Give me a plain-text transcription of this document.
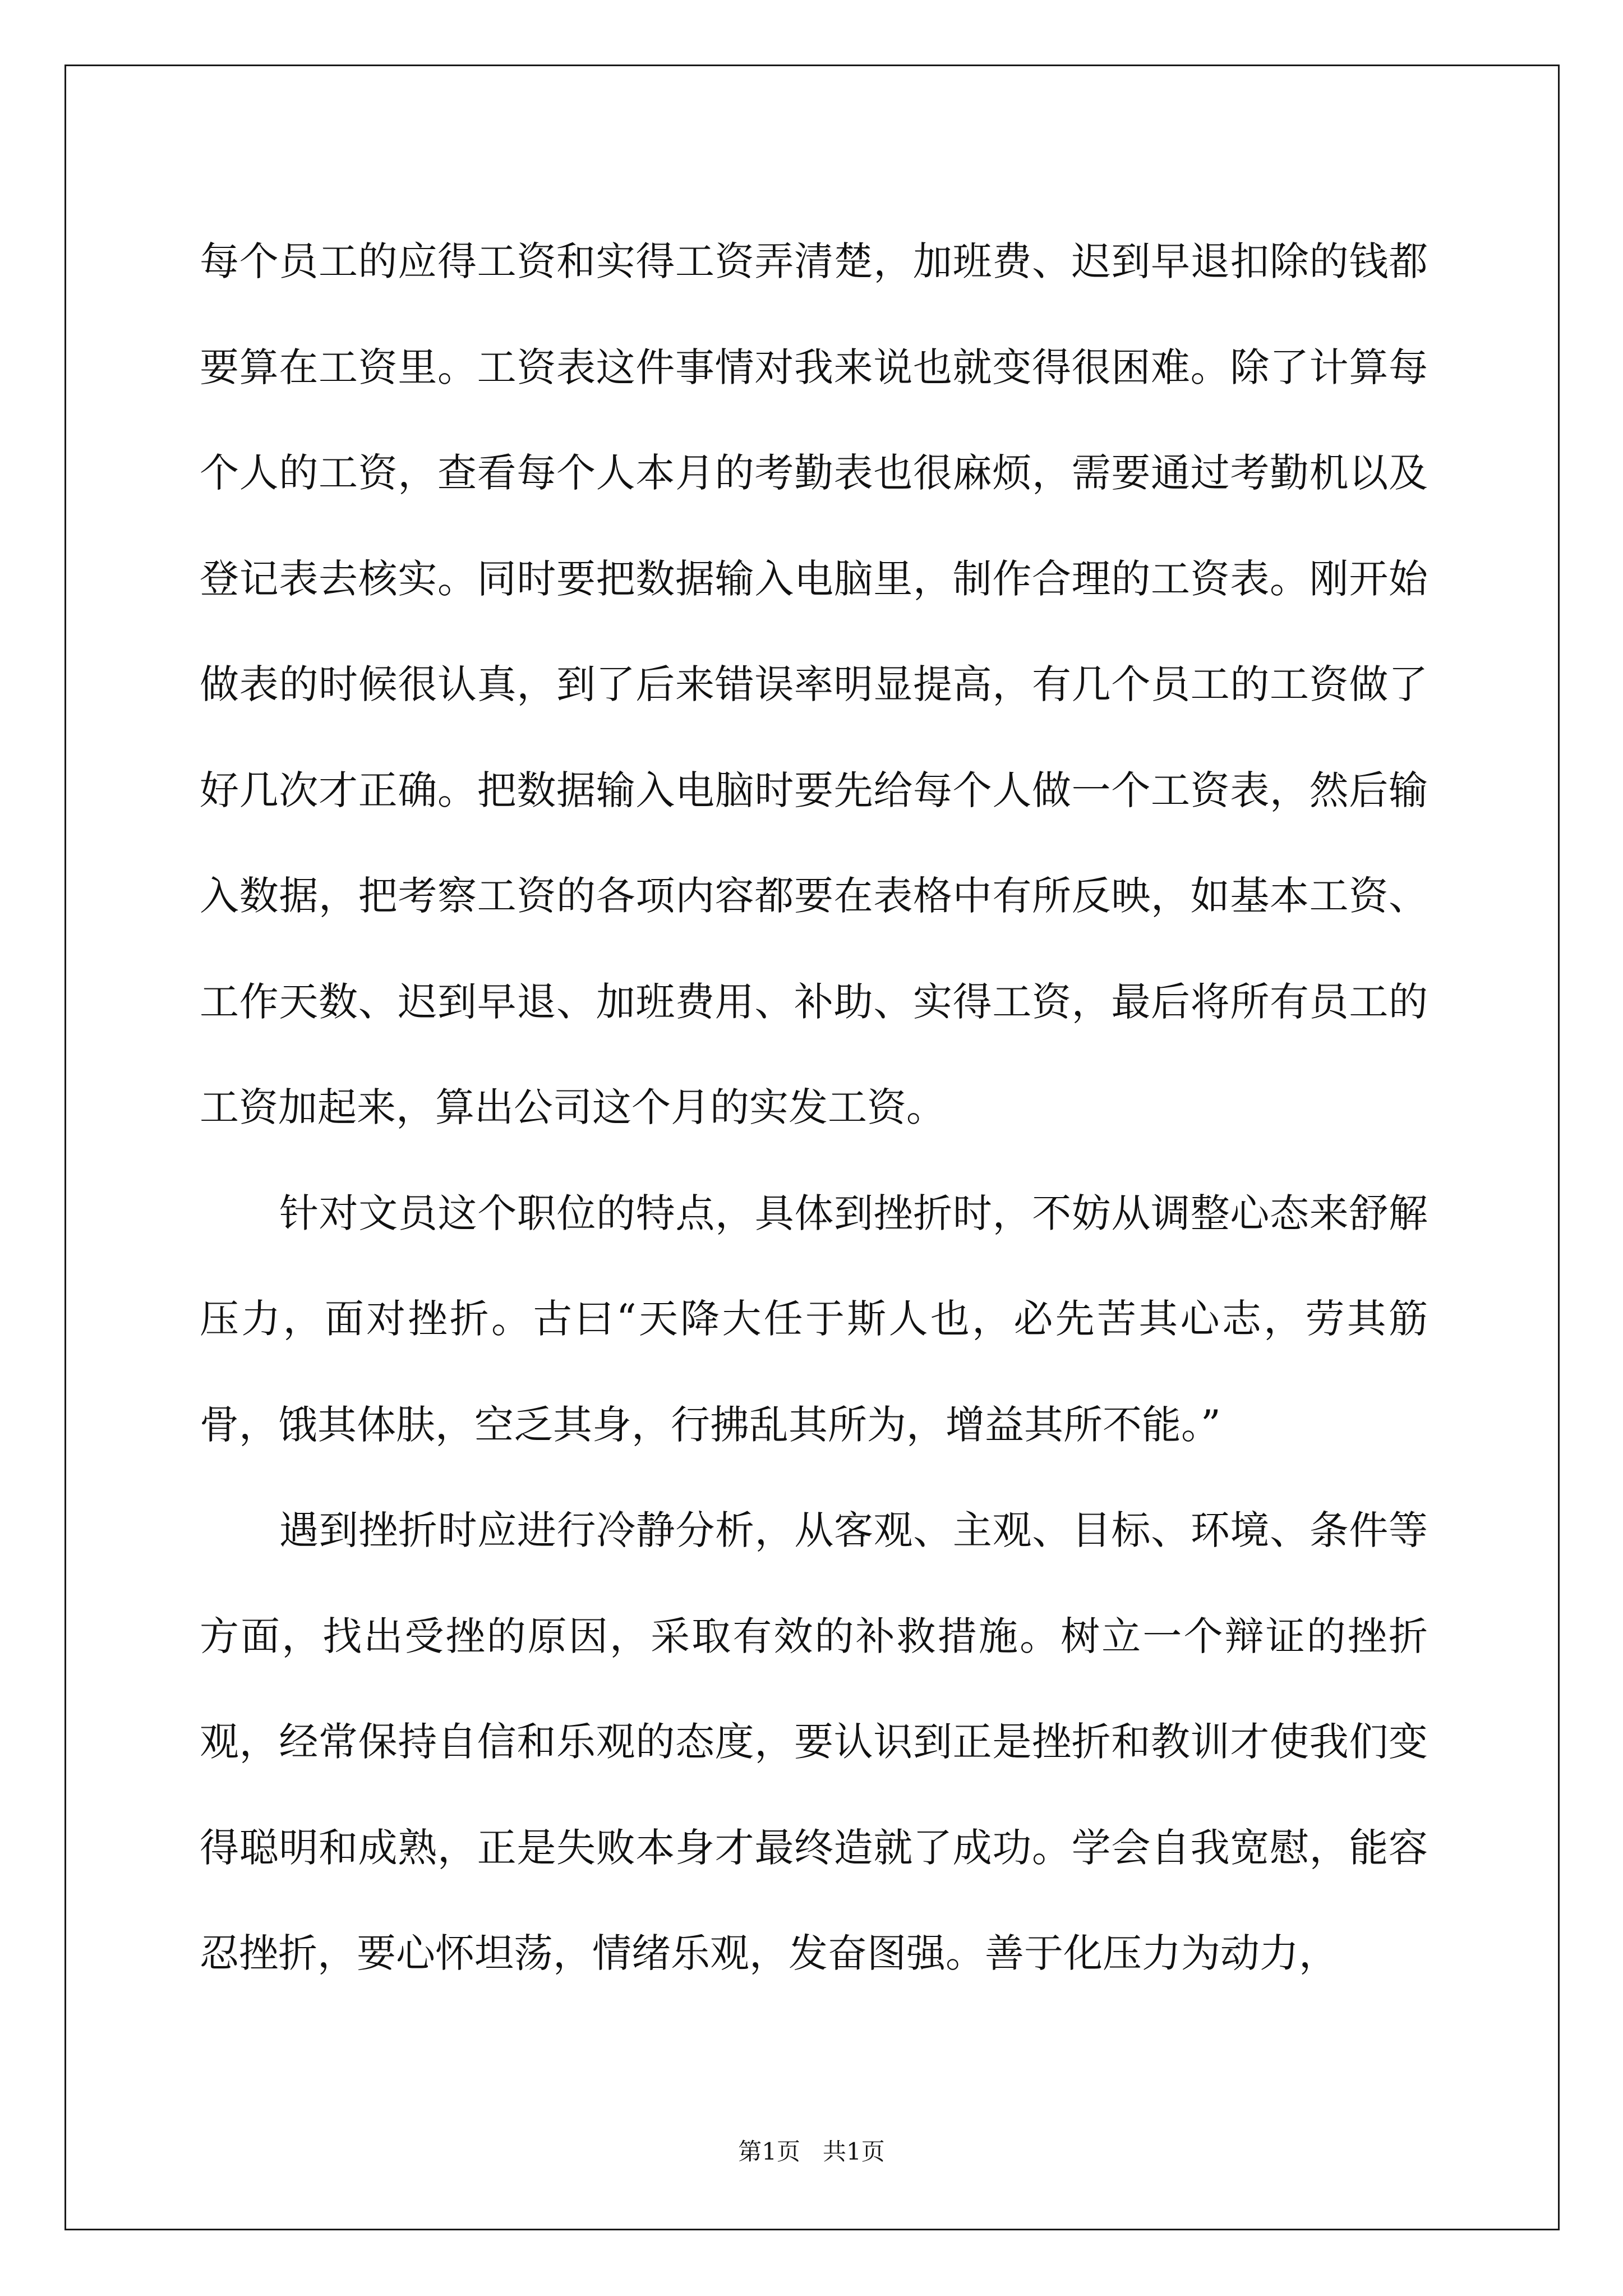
每个员工的应得工资和实得工资弄清楚，加班费、迟到早退扣除的钱都要算在工资里。工资表这件事情对我来说也就变得很困难。除了计算每个人的工资，查看每个人本月的考勤表也很麻烦，需要通过考勤机以及登记表去核实。同时要把数据输入电脑里，制作合理的工资表。刚开始做表的时候很认真，到了后来错误率明显提高，有几个员工的工资做了好几次才正确。把数据输入电脑时要先给每个人做一个工资表，然后输入数据，把考察工资的各项内容都要在表格中有所反映，如基本工资、工作天数、迟到早退、加班费用、补助、实得工资，最后将所有员工的工资加起来，算出公司这个月的实发工资。

针对文员这个职位的特点，具体到挫折时，不妨从调整心态来舒解压力，面对挫折。古曰“天降大任于斯人也，必先苦其心志，劳其筋骨，饿其体肤，空乏其身，行拂乱其所为，增益其所不能。”

遇到挫折时应进行冷静分析，从客观、主观、目标、环境、条件等方面，找出受挫的原因，采取有效的补救措施。树立一个辩证的挫折观，经常保持自信和乐观的态度，要认识到正是挫折和教训才使我们变得聪明和成熟，正是失败本身才最终造就了成功。学会自我宽慰，能容忍挫折，要心怀坦荡，情绪乐观，发奋图强。善于化压力为动力，

第1页   共1页
